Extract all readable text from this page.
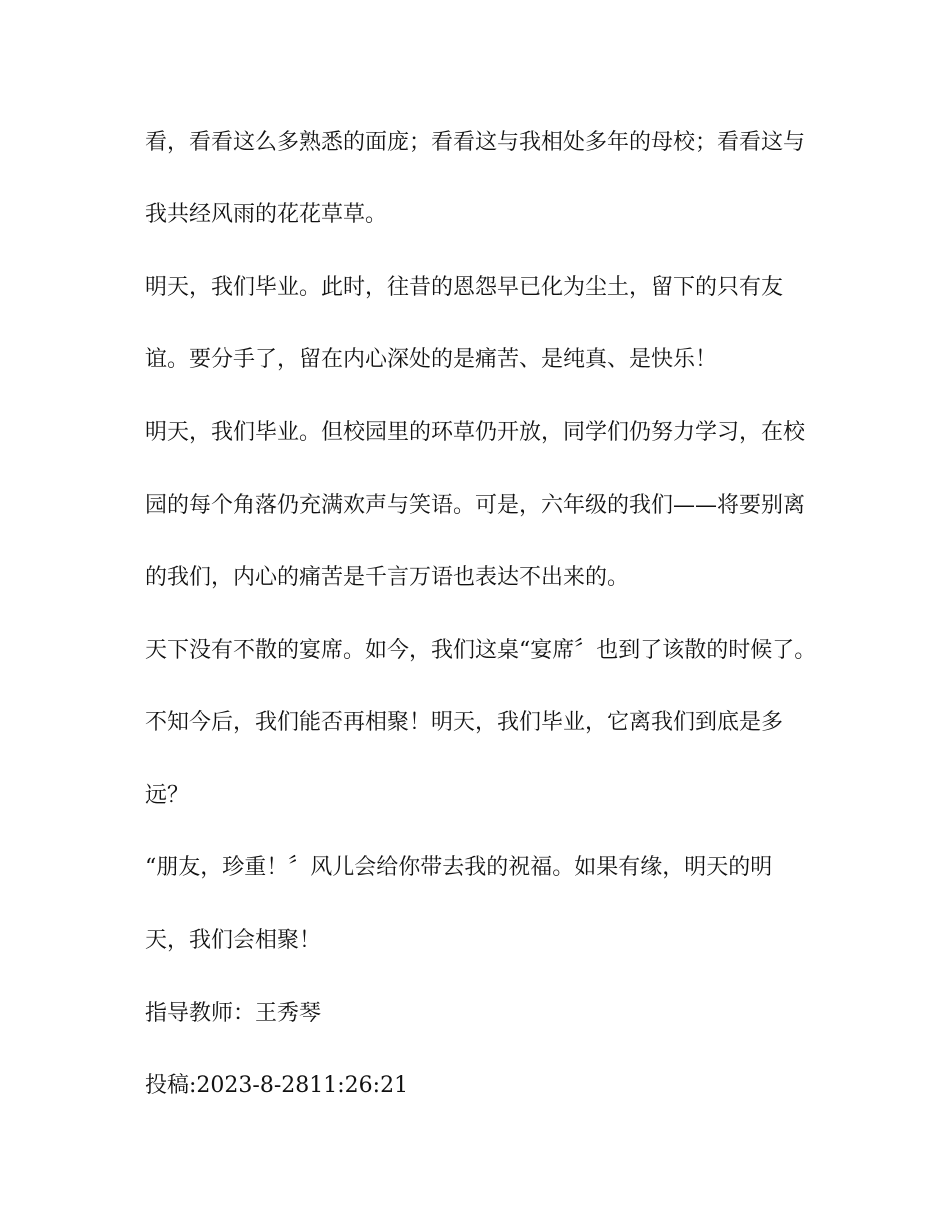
看，看看这么多熟悉的面庞；看看这与我相处多年的母校；看看这与
我共经风雨的花花草草。
明天，我们毕业。此时，往昔的恩怨早已化为尘土，留下的只有友
谊。要分手了，留在内心深处的是痛苦、是纯真、是快乐！
明天，我们毕业。但校园里的环草仍开放，同学们仍努力学习，在校
园的每个角落仍充满欢声与笑语。可是，六年级的我们——将要别离
的我们，内心的痛苦是千言万语也表达不出来的。
天下没有不散的宴席。如今，我们这桌“宴席〞也到了该散的时候了。
不知今后，我们能否再相聚！明天，我们毕业，它离我们到底是多
远？
“朋友，珍重！〞风儿会给你带去我的祝福。如果有缘，明天的明
天，我们会相聚！
指导教师：王秀琴
投稿:2023-8-2811:26:21
